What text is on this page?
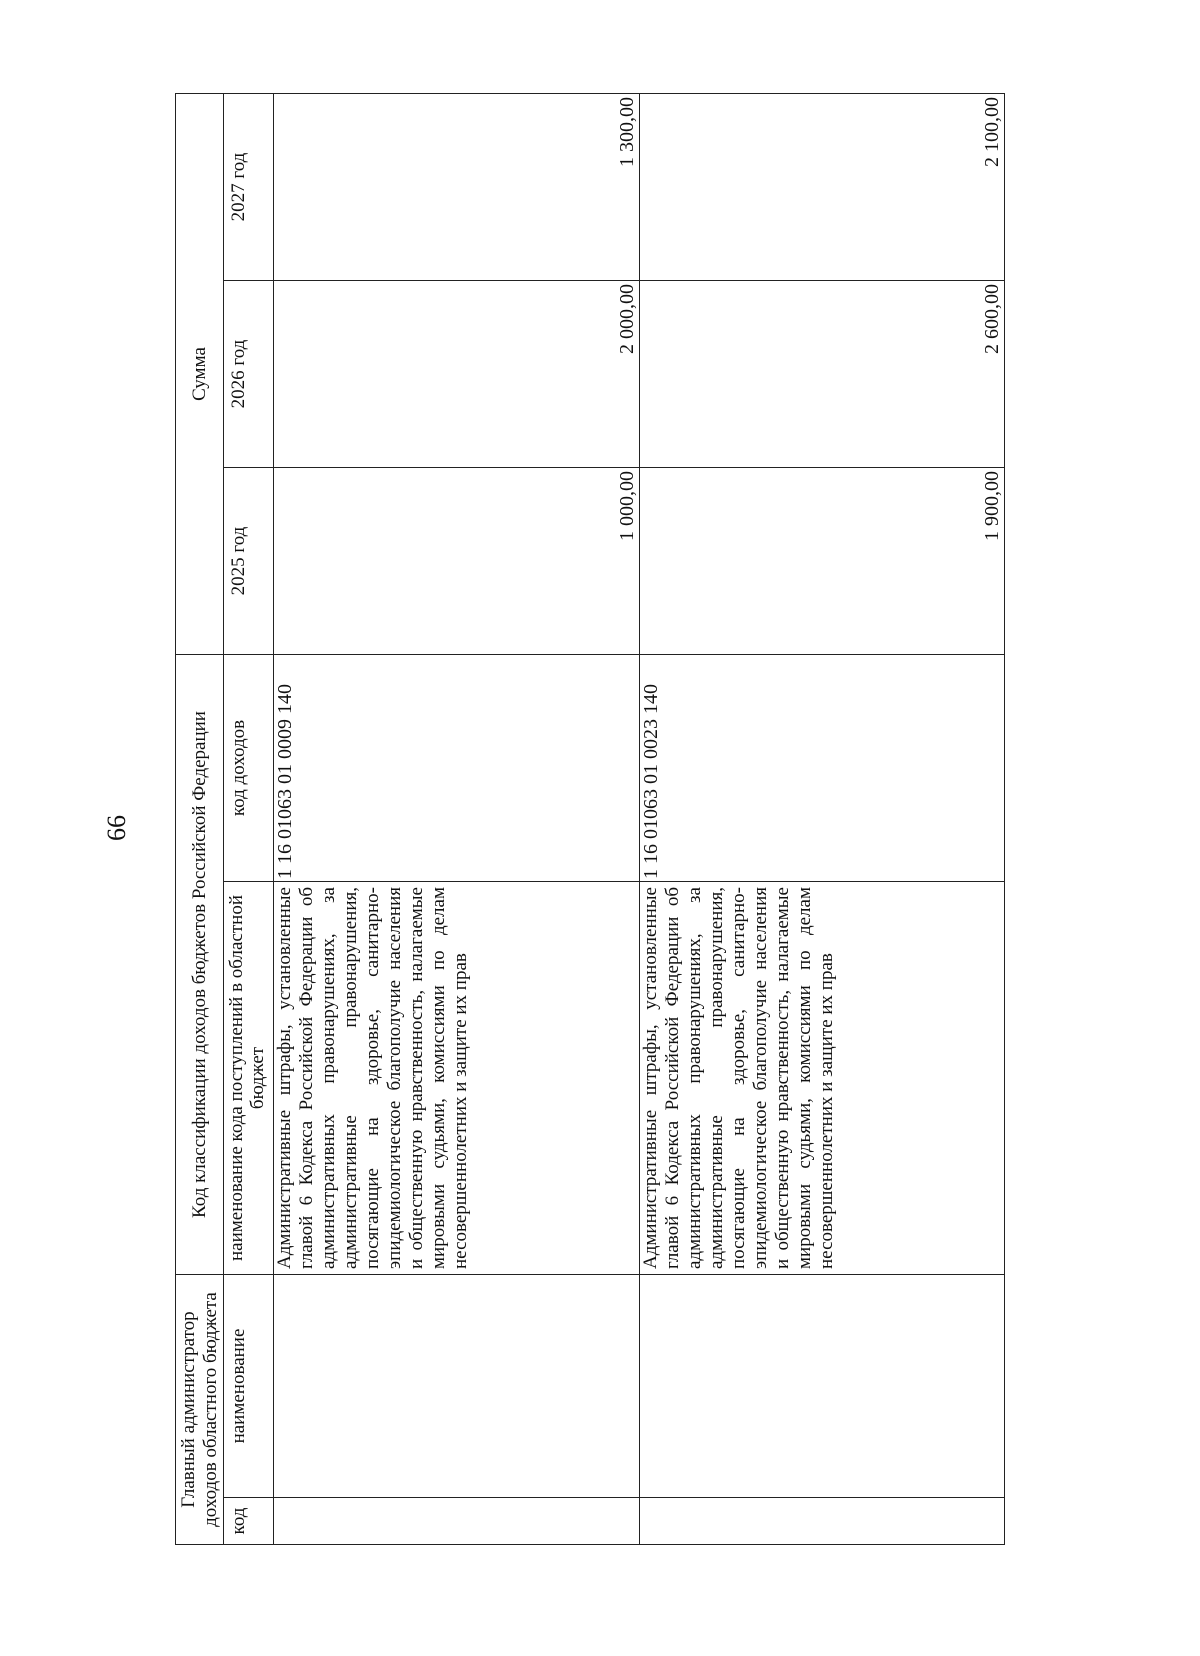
66
Главный администратор доходов областного бюджета		Код классификации доходов бюджетов Российской Федерации		Сумма		
код	наименование	наименование кода поступлений в областной бюджет	код доходов	2025 год	2026 год	2027 год
		Административные штрафы, установленные главой 6 Кодекса Российской Федерации об административных правонарушениях, за административные правонарушения, посягающие на здоровье, санитарно-эпидемиологическое благополучие населения и общественную нравственность, налагаемые мировыми судьями, комиссиями по делам несовершеннолетних и защите их прав	1 16 01063 01 0009 140	1 000,00	2 000,00	1 300,00
		Административные штрафы, установленные главой 6 Кодекса Российской Федерации об административных правонарушениях, за административные правонарушения, посягающие на здоровье, санитарно-эпидемиологическое благополучие населения и общественную нравственность, налагаемые мировыми судьями, комиссиями по делам несовершеннолетних и защите их прав	1 16 01063 01 0023 140	1 900,00	2 600,00	2 100,00
